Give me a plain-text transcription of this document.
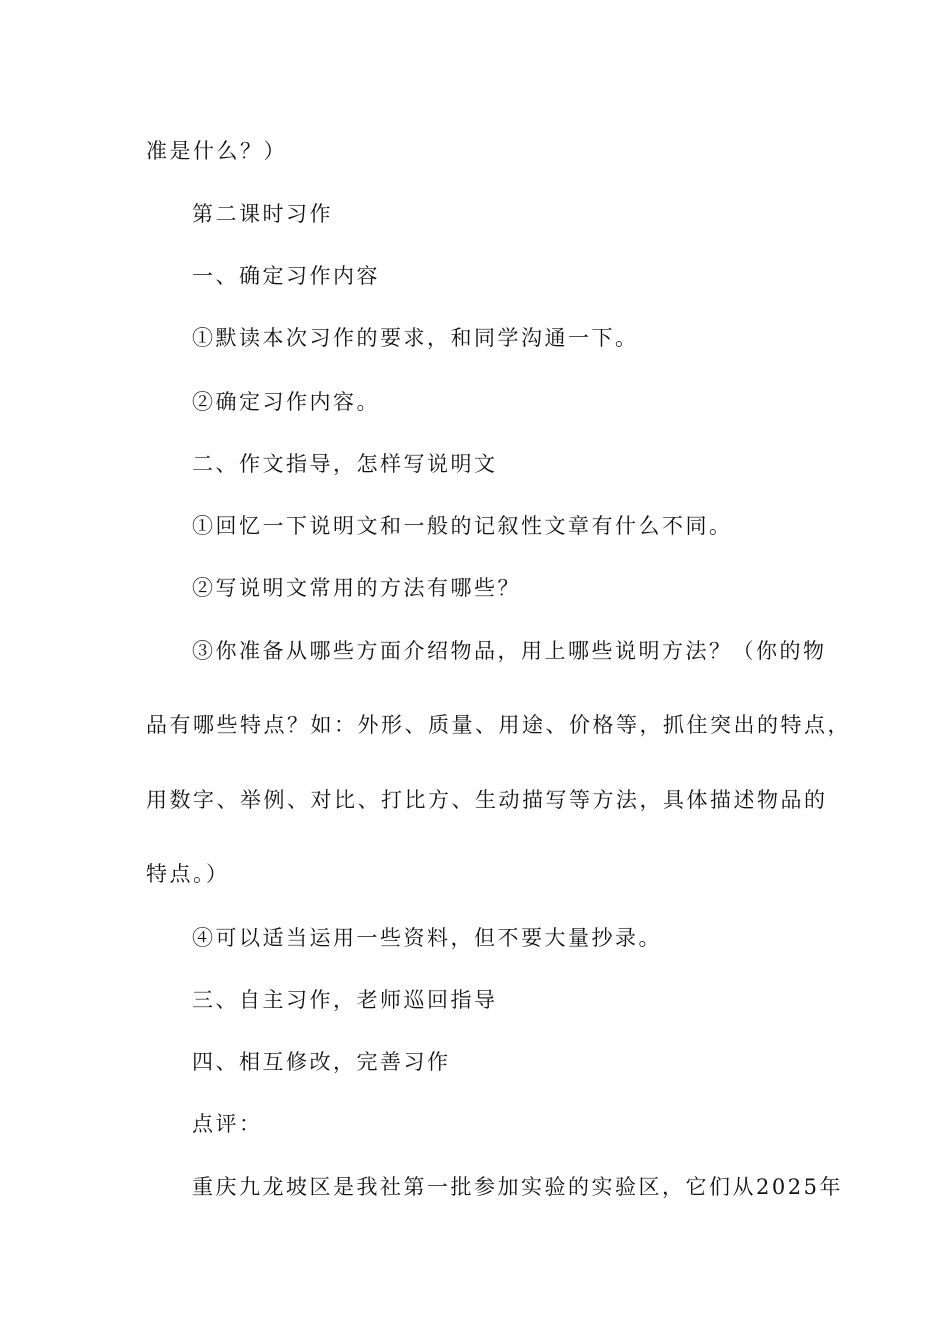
准是什么？）
第二课时习作
一、确定习作内容
①默读本次习作的要求，和同学沟通一下。
②确定习作内容。
二、作文指导，怎样写说明文
①回忆一下说明文和一般的记叙性文章有什么不同。
②写说明文常用的方法有哪些？
③你准备从哪些方面介绍物品，用上哪些说明方法？（你的物
品有哪些特点？如：外形、质量、用途、价格等，抓住突出的特点，
用数字、举例、对比、打比方、生动描写等方法，具体描述物品的
特点。）
④可以适当运用一些资料，但不要大量抄录。
三、自主习作，老师巡回指导
四、相互修改，完善习作
点评：
重庆九龙坡区是我社第一批参加实验的实验区，它们从2025年
